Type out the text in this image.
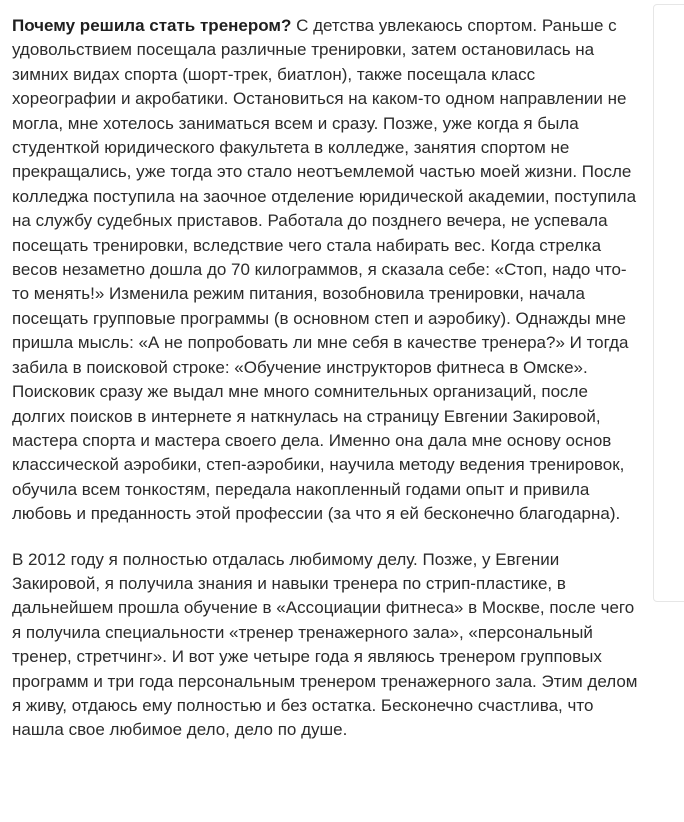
Почему решила стать тренером? С детства увлекаюсь спортом. Раньше с удовольствием посещала различные тренировки, затем остановилась на зимних видах спорта (шорт-трек, биатлон), также посещала класс хореографии и акробатики. Остановиться на каком-то одном направлении не могла, мне хотелось заниматься всем и сразу. Позже, уже когда я была студенткой юридического факультета в колледже, занятия спортом не прекращались, уже тогда это стало неотъемлемой частью моей жизни. После колледжа поступила на заочное отделение юридической академии, поступила на службу судебных приставов. Работала до позднего вечера, не успевала посещать тренировки, вследствие чего стала набирать вес. Когда стрелка весов незаметно дошла до 70 килограммов, я сказала себе: «Стоп, надо что-то менять!» Изменила режим питания, возобновила тренировки, начала посещать групповые программы (в основном степ и аэробику). Однажды мне пришла мысль: «А не попробовать ли мне себя в качестве тренера?» И тогда забила в поисковой строке: «Обучение инструкторов фитнеса в Омске». Поисковик сразу же выдал мне много сомнительных организаций, после долгих поисков в интернете я наткнулась на страницу Евгении Закировой, мастера спорта и мастера своего дела. Именно она дала мне основу основ классической аэробики, степ-аэробики, научила методу ведения тренировок, обучила всем тонкостям, передала накопленный годами опыт и привила любовь и преданность этой профессии (за что я ей бесконечно благодарна).

В 2012 году я полностью отдалась любимому делу. Позже, у Евгении Закировой, я получила знания и навыки тренера по стрип-пластике, в дальнейшем прошла обучение в «Ассоциации фитнеса» в Москве, после чего я получила специальности «тренер тренажерного зала», «персональный тренер, стретчинг». И вот уже четыре года я являюсь тренером групповых программ и три года персональным тренером тренажерного зала. Этим делом я живу, отдаюсь ему полностью и без остатка. Бесконечно счастлива, что нашла свое любимое дело, дело по душе.
